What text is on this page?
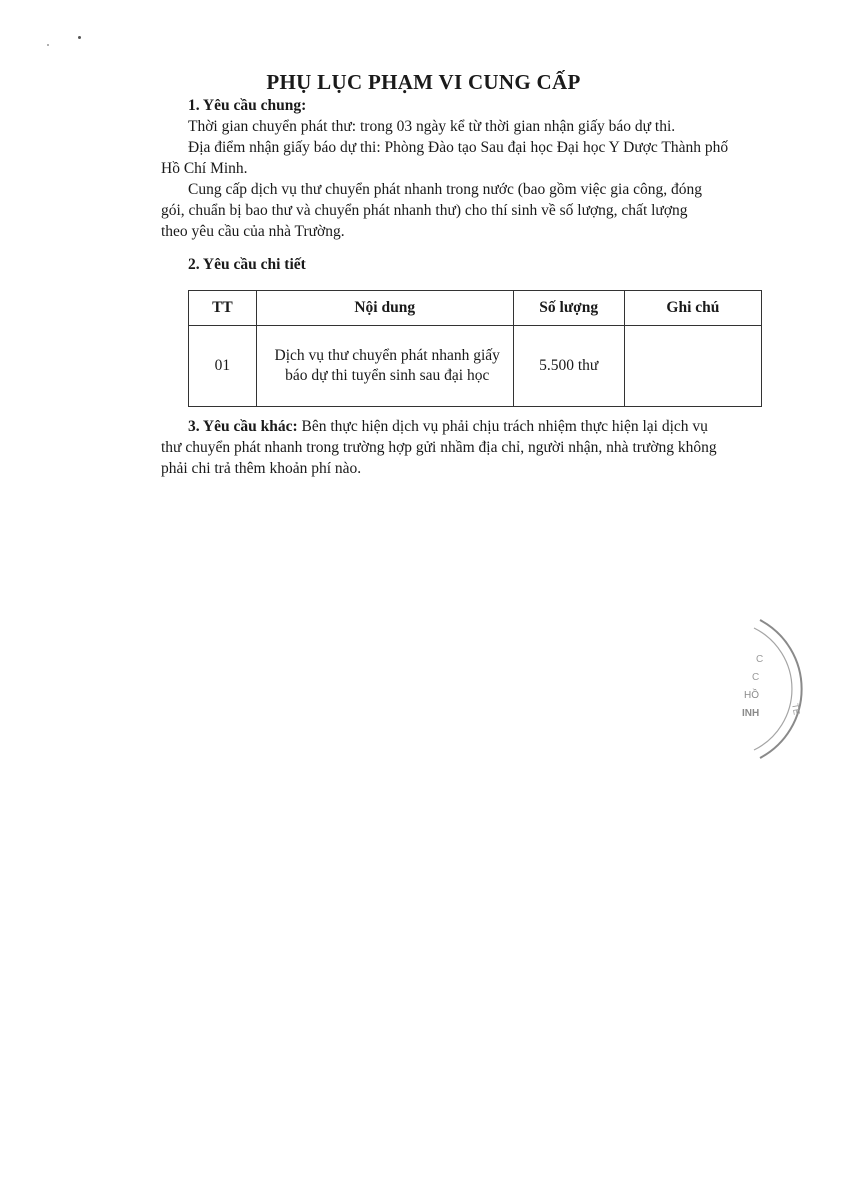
PHỤ LỤC PHẠM VI CUNG CẤP
1. Yêu cầu chung:
Thời gian chuyển phát thư: trong 03 ngày kể từ thời gian nhận giấy báo dự thi.
Địa điểm nhận giấy báo dự thi: Phòng Đào tạo Sau đại học Đại học Y Dược Thành phố
Hồ Chí Minh.
Cung cấp dịch vụ thư chuyển phát nhanh trong nước (bao gồm việc gia công, đóng
gói, chuẩn bị bao thư và chuyển phát nhanh thư) cho thí sinh về số lượng, chất lượng
theo yêu cầu của nhà Trường.
2. Yêu cầu chi tiết
TT	Nội dung	Số lượng	Ghi chú
01	Dịch vụ thư chuyển phát nhanh giấy
báo dự thi tuyển sinh sau đại học	5.500 thư	
3. Yêu cầu khác: Bên thực hiện dịch vụ phải chịu trách nhiệm thực hiện lại dịch vụ
thư chuyển phát nhanh trong trường hợp gửi nhầm địa chỉ, người nhận, nhà trường không
phải chi trả thêm khoản phí nào.
TE
C
C
HỒ
INH
